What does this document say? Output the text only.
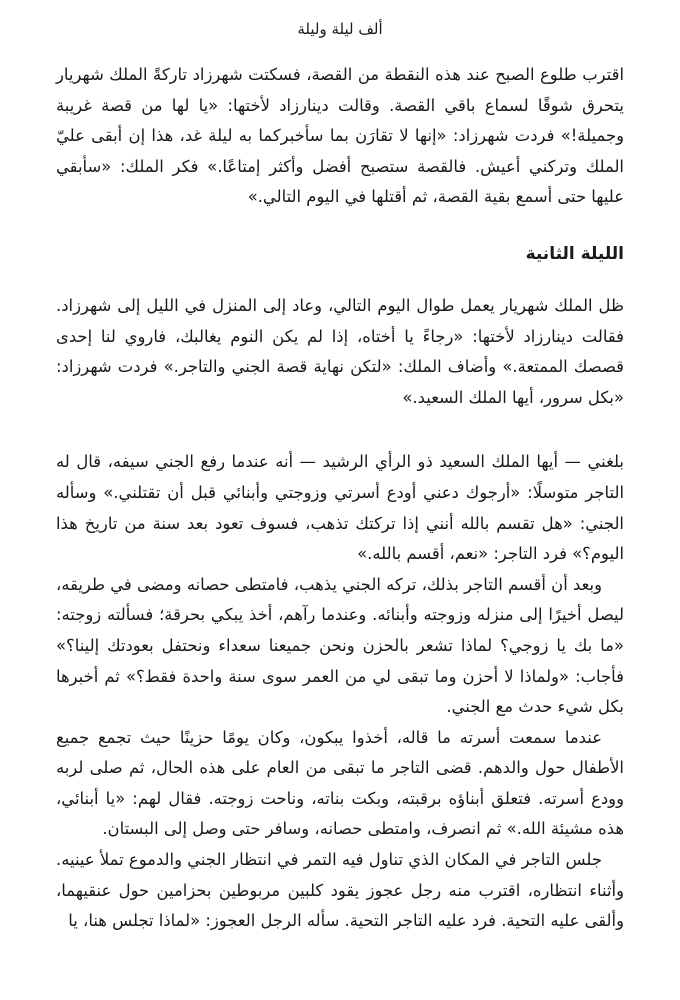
ألف ليلة وليلة

اقترب طلوع الصبح عند هذه النقطة من القصة، فسكتت شهرزاد تاركةً الملك شهريار يتحرق شوقًا لسماع باقي القصة. وقالت دينارزاد لأختها: «يا لها من قصة غريبة وجميلة!» فردت شهرزاد: «إنها لا تقارَن بما سأخبركما به ليلة غد، هذا إن أبقى عليّ الملك وتركني أعيش. فالقصة ستصبح أفضل وأكثر إمتاعًا.» فكر الملك: «سأبقي عليها حتى أسمع بقية القصة، ثم أقتلها في اليوم التالي.»

الليلة الثانية

ظل الملك شهريار يعمل طوال اليوم التالي، وعاد إلى المنزل في الليل إلى شهرزاد. فقالت دينارزاد لأختها: «رجاءً يا أختاه، إذا لم يكن النوم يغالبك، فاروي لنا إحدى قصصك الممتعة.» وأضاف الملك: «لتكن نهاية قصة الجني والتاجر.» فردت شهرزاد: «بكل سرور، أيها الملك السعيد.»

بلغني — أيها الملك السعيد ذو الرأي الرشيد — أنه عندما رفع الجني سيفه، قال له التاجر متوسلًا: «أرجوك دعني أودع أسرتي وزوجتي وأبنائي قبل أن تقتلني.» وسأله الجني: «هل تقسم بالله أنني إذا تركتك تذهب، فسوف تعود بعد سنة من تاريخ هذا اليوم؟» فرد التاجر: «نعم، أقسم بالله.»

وبعد أن أقسم التاجر بذلك، تركه الجني يذهب، فامتطى حصانه ومضى في طريقه، ليصل أخيرًا إلى منزله وزوجته وأبنائه. وعندما رآهم، أخذ يبكي بحرقة؛ فسألته زوجته: «ما بك يا زوجي؟ لماذا تشعر بالحزن ونحن جميعنا سعداء ونحتفل بعودتك إلينا؟» فأجاب: «ولماذا لا أحزن وما تبقى لي من العمر سوى سنة واحدة فقط؟» ثم أخبرها بكل شيء حدث مع الجني.

عندما سمعت أسرته ما قاله، أخذوا يبكون، وكان يومًا حزينًا حيث تجمع جميع الأطفال حول والدهم. قضى التاجر ما تبقى من العام على هذه الحال، ثم صلى لربه وودع أسرته. فتعلق أبناؤه برقبته، وبكت بناته، وناحت زوجته. فقال لهم: «يا أبنائي، هذه مشيئة الله.» ثم انصرف، وامتطى حصانه، وسافر حتى وصل إلى البستان.

جلس التاجر في المكان الذي تناول فيه التمر في انتظار الجني والدموع تملأ عينيه. وأثناء انتظاره، اقترب منه رجل عجوز يقود كلبين مربوطين بحزامين حول عنقيهما، وألقى عليه التحية. فرد عليه التاجر التحية. سأله الرجل العجوز: «لماذا تجلس هنا، يا
